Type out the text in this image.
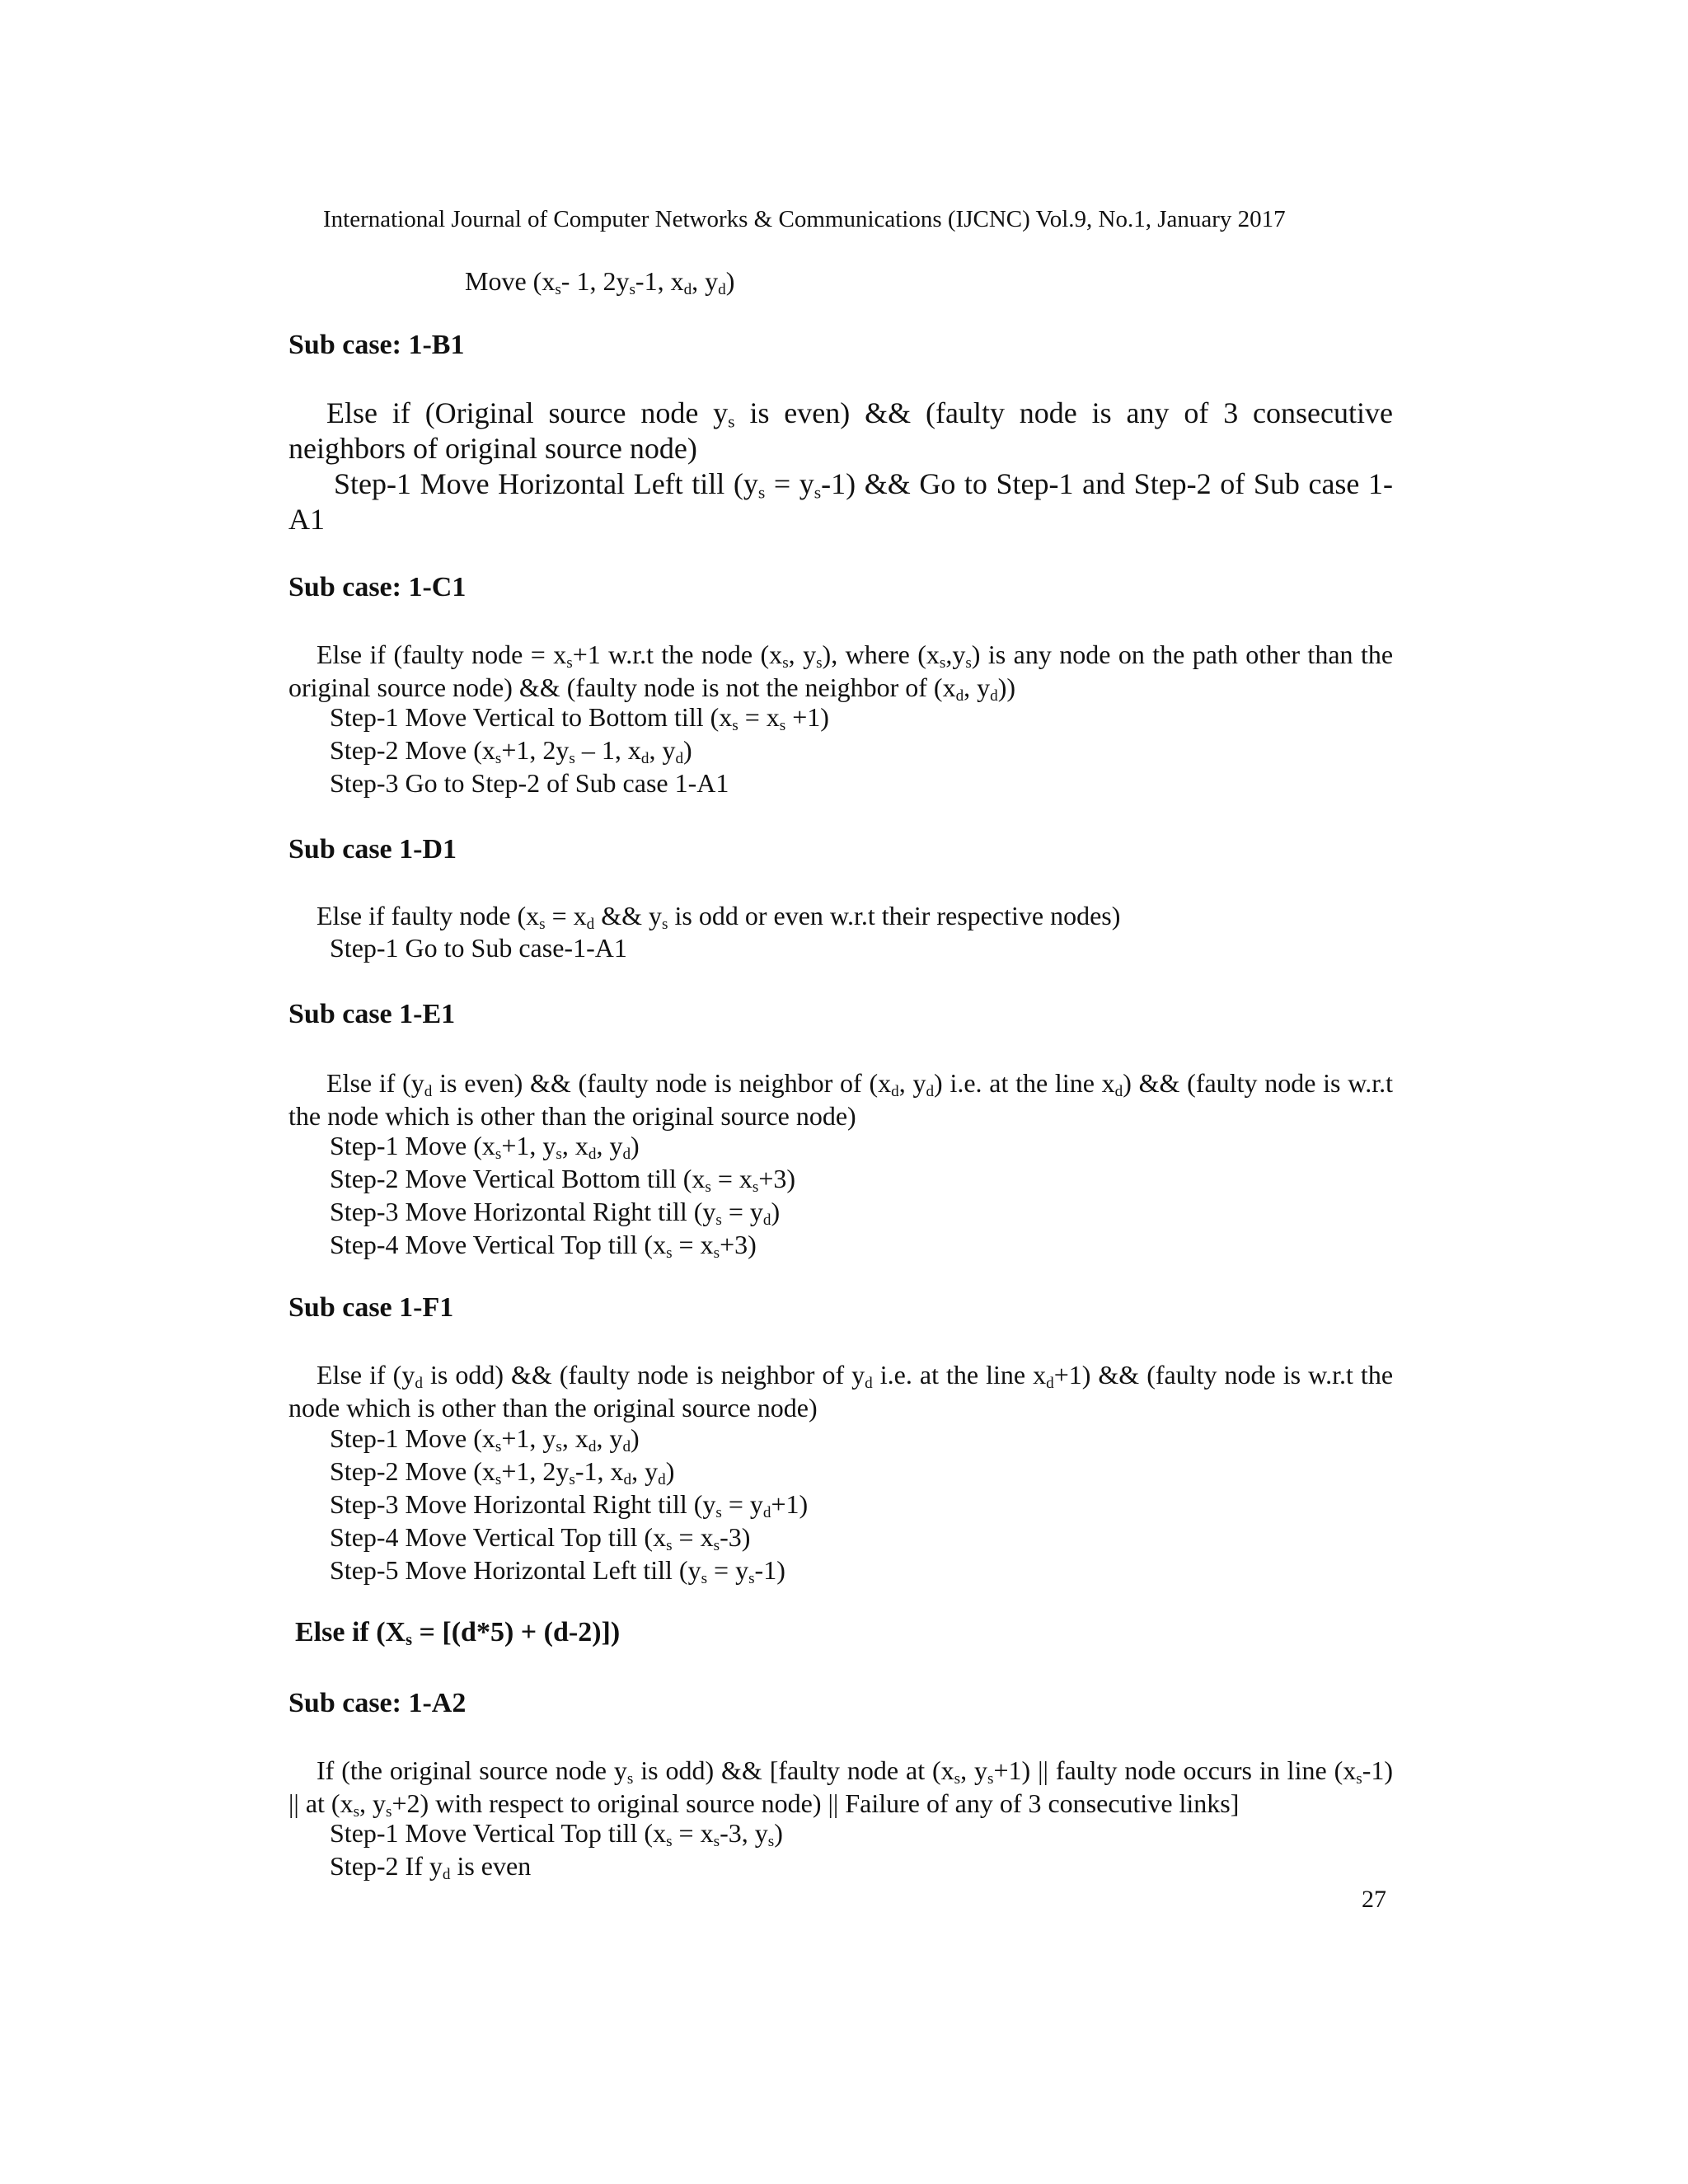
International Journal of Computer Networks & Communications (IJCNC) Vol.9, No.1, January 2017
Move ($x_s-$ 1, $2y_s-1$, $x_d$, $y_d$)
Sub case: 1-B1
Else if (Original source node $y_s$ is even) && (faulty node is any of 3 consecutive neighbors of original source node)
Step-1 Move Horizontal Left till $(y_s = y_s-1)$ && Go to Step-1 and Step-2 of Sub case 1-A1
Sub case: 1-C1
Else if (faulty node = $x_s+1$ w.r.t the node ($x_s$, $y_s$), where $(x_s,y_s)$ is any node on the path other than the original source node) && (faulty node is not the neighbor of ($x_d$, $y_d$))
Step-1 Move Vertical to Bottom till $(x_s = x_s +1)$
Step-2 Move ($x_s+1$, $2y_s - 1$, $x_d$, $y_d$)
Step-3 Go to Step-2 of Sub case 1-A1
Sub case 1-D1
Else if faulty node ($x_s = x_d$ && $y_s$ is odd or even w.r.t their respective nodes)
Step-1 Go to Sub case-1-A1
Sub case 1-E1
Else if ($y_d$ is even) && (faulty node is neighbor of ($x_d$, $y_d$) i.e. at the line $x_d$) && (faulty node is w.r.t the node which is other than the original source node)
Step-1 Move ($x_s+1$, $y_s$, $x_d$, $y_d$)
Step-2 Move Vertical Bottom till $(x_s = x_s+3)$
Step-3 Move Horizontal Right till $(y_s = y_d)$
Step-4 Move Vertical Top till $(x_s = x_s+3)$
Sub case 1-F1
Else if ($y_d$ is odd) && (faulty node is neighbor of $y_d$ i.e. at the line $x_d+1$) && (faulty node is w.r.t the node which is other than the original source node)
Step-1 Move ($x_s+1$, $y_s$, $x_d$, $y_d$)
Step-2 Move ($x_s+1$, $2y_s-1$, $x_d$, $y_d$)
Step-3 Move Horizontal Right till $(y_s = y_d+1)$
Step-4 Move Vertical Top till $(x_s = x_s-3)$
Step-5 Move Horizontal Left till $(y_s = y_s-1)$
Else if $(X_s = [(d*5) + (d-2)])$
Sub case: 1-A2
If (the original source node $y_s$ is odd) && [faulty node at ($x_s$, $y_s+1$) || faulty node occurs in line $(x_s-1)$ || at ($x_s$, $y_s+2$) with respect to original source node) || Failure of any of 3 consecutive links]
Step-1 Move Vertical Top till ($x_s = x_s-3$, $y_s$)
Step-2 If $y_d$ is even
27
